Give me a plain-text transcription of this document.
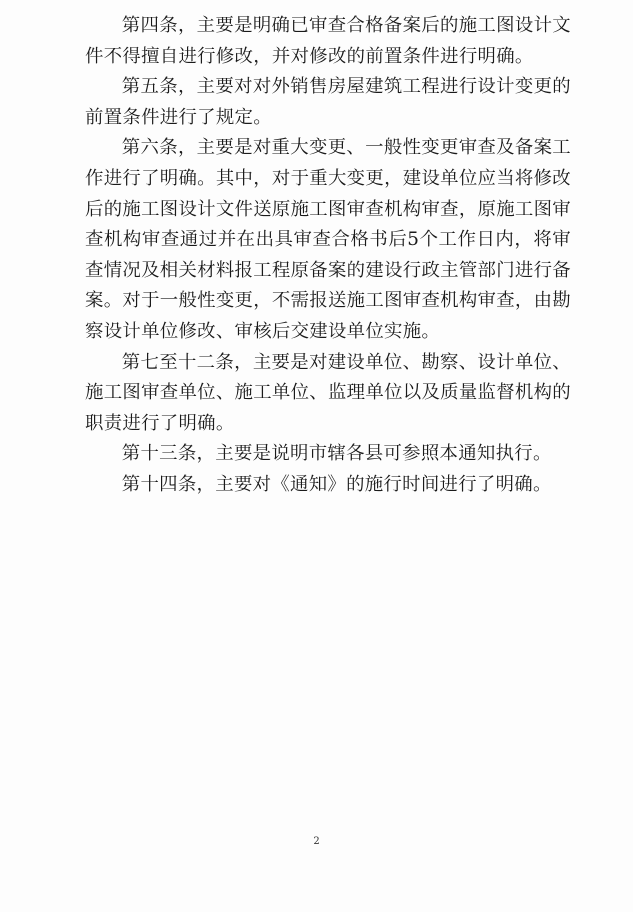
第四条，主要是明确已审查合格备案后的施工图设计文件不得擅自进行修改，并对修改的前置条件进行明确。

第五条，主要对对外销售房屋建筑工程进行设计变更的前置条件进行了规定。

第六条，主要是对重大变更、一般性变更审查及备案工作进行了明确。其中，对于重大变更，建设单位应当将修改后的施工图设计文件送原施工图审查机构审查，原施工图审查机构审查通过并在出具审查合格书后5个工作日内，将审查情况及相关材料报工程原备案的建设行政主管部门进行备案。对于一般性变更，不需报送施工图审查机构审查，由勘察设计单位修改、审核后交建设单位实施。

第七至十二条，主要是对建设单位、勘察、设计单位、施工图审查单位、施工单位、监理单位以及质量监督机构的职责进行了明确。

第十三条，主要是说明市辖各县可参照本通知执行。

第十四条，主要对《通知》的施行时间进行了明确。

2
